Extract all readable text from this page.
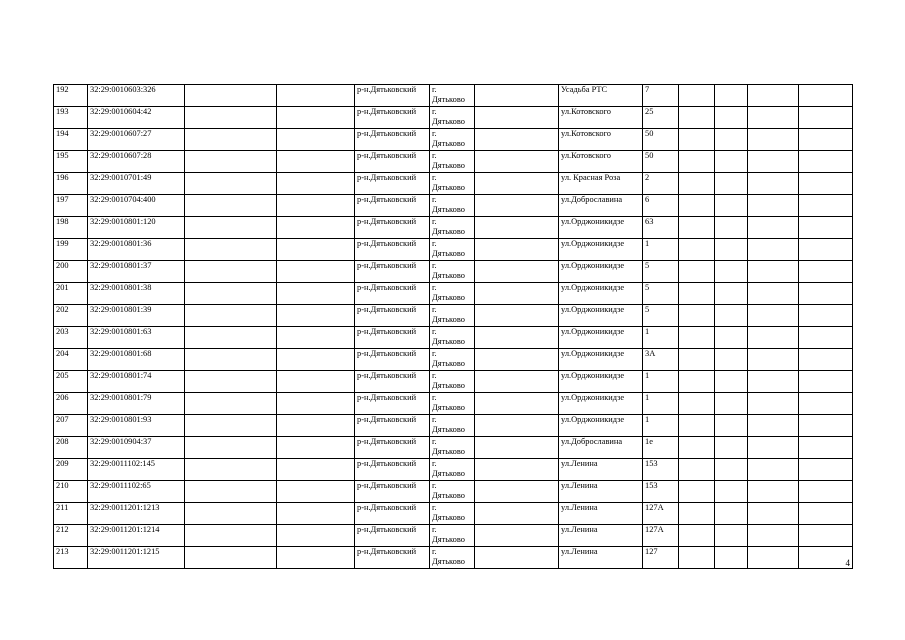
192	32:29:0010603:326			р-н.Дятьковский	г.
Дятьково		Усадьба РТС	7				
193	32:29:0010604:42			р-н.Дятьковский	г.
Дятьково		ул.Котовского	25				
194	32:29:0010607:27			р-н.Дятьковский	г.
Дятьково		ул.Котовского	50				
195	32:29:0010607:28			р-н.Дятьковский	г.
Дятьково		ул.Котовского	50				
196	32:29:0010701:49			р-н.Дятьковский	г.
Дятьково		ул. Красная Роза	2				
197	32:29:0010704:400			р-н.Дятьковский	г.
Дятьково		ул.Доброславина	6				
198	32:29:0010801:120			р-н.Дятьковский	г.
Дятьково		ул.Орджоникидзе	63				
199	32:29:0010801:36			р-н.Дятьковский	г.
Дятьково		ул.Орджоникидзе	1				
200	32:29:0010801:37			р-н.Дятьковский	г.
Дятьково		ул.Орджоникидзе	5				
201	32:29:0010801:38			р-н.Дятьковский	г.
Дятьково		ул.Орджоникидзе	5				
202	32:29:0010801:39			р-н.Дятьковский	г.
Дятьково		ул.Орджоникидзе	5				
203	32:29:0010801:63			р-н.Дятьковский	г.
Дятьково		ул.Орджоникидзе	1				
204	32:29:0010801:68			р-н.Дятьковский	г.
Дятьково		ул.Орджоникидзе	3А				
205	32:29:0010801:74			р-н.Дятьковский	г.
Дятьково		ул.Орджоникидзе	1				
206	32:29:0010801:79			р-н.Дятьковский	г.
Дятьково		ул.Орджоникидзе	1				
207	32:29:0010801:93			р-н.Дятьковский	г.
Дятьково		ул.Орджоникидзе	1				
208	32:29:0010904:37			р-н.Дятьковский	г.
Дятьково		ул.Доброславина	1е				
209	32:29:0011102:145			р-н.Дятьковский	г.
Дятьково		ул.Ленина	153				
210	32:29:0011102:65			р-н.Дятьковский	г.
Дятьково		ул.Ленина	153				
211	32:29:0011201:1213			р-н.Дятьковский	г.
Дятьково		ул.Ленина	127А				
212	32:29:0011201:1214			р-н.Дятьковский	г.
Дятьково		ул.Ленина	127А				
213	32:29:0011201:1215			р-н.Дятьковский	г.
Дятьково		ул.Ленина	127				4
